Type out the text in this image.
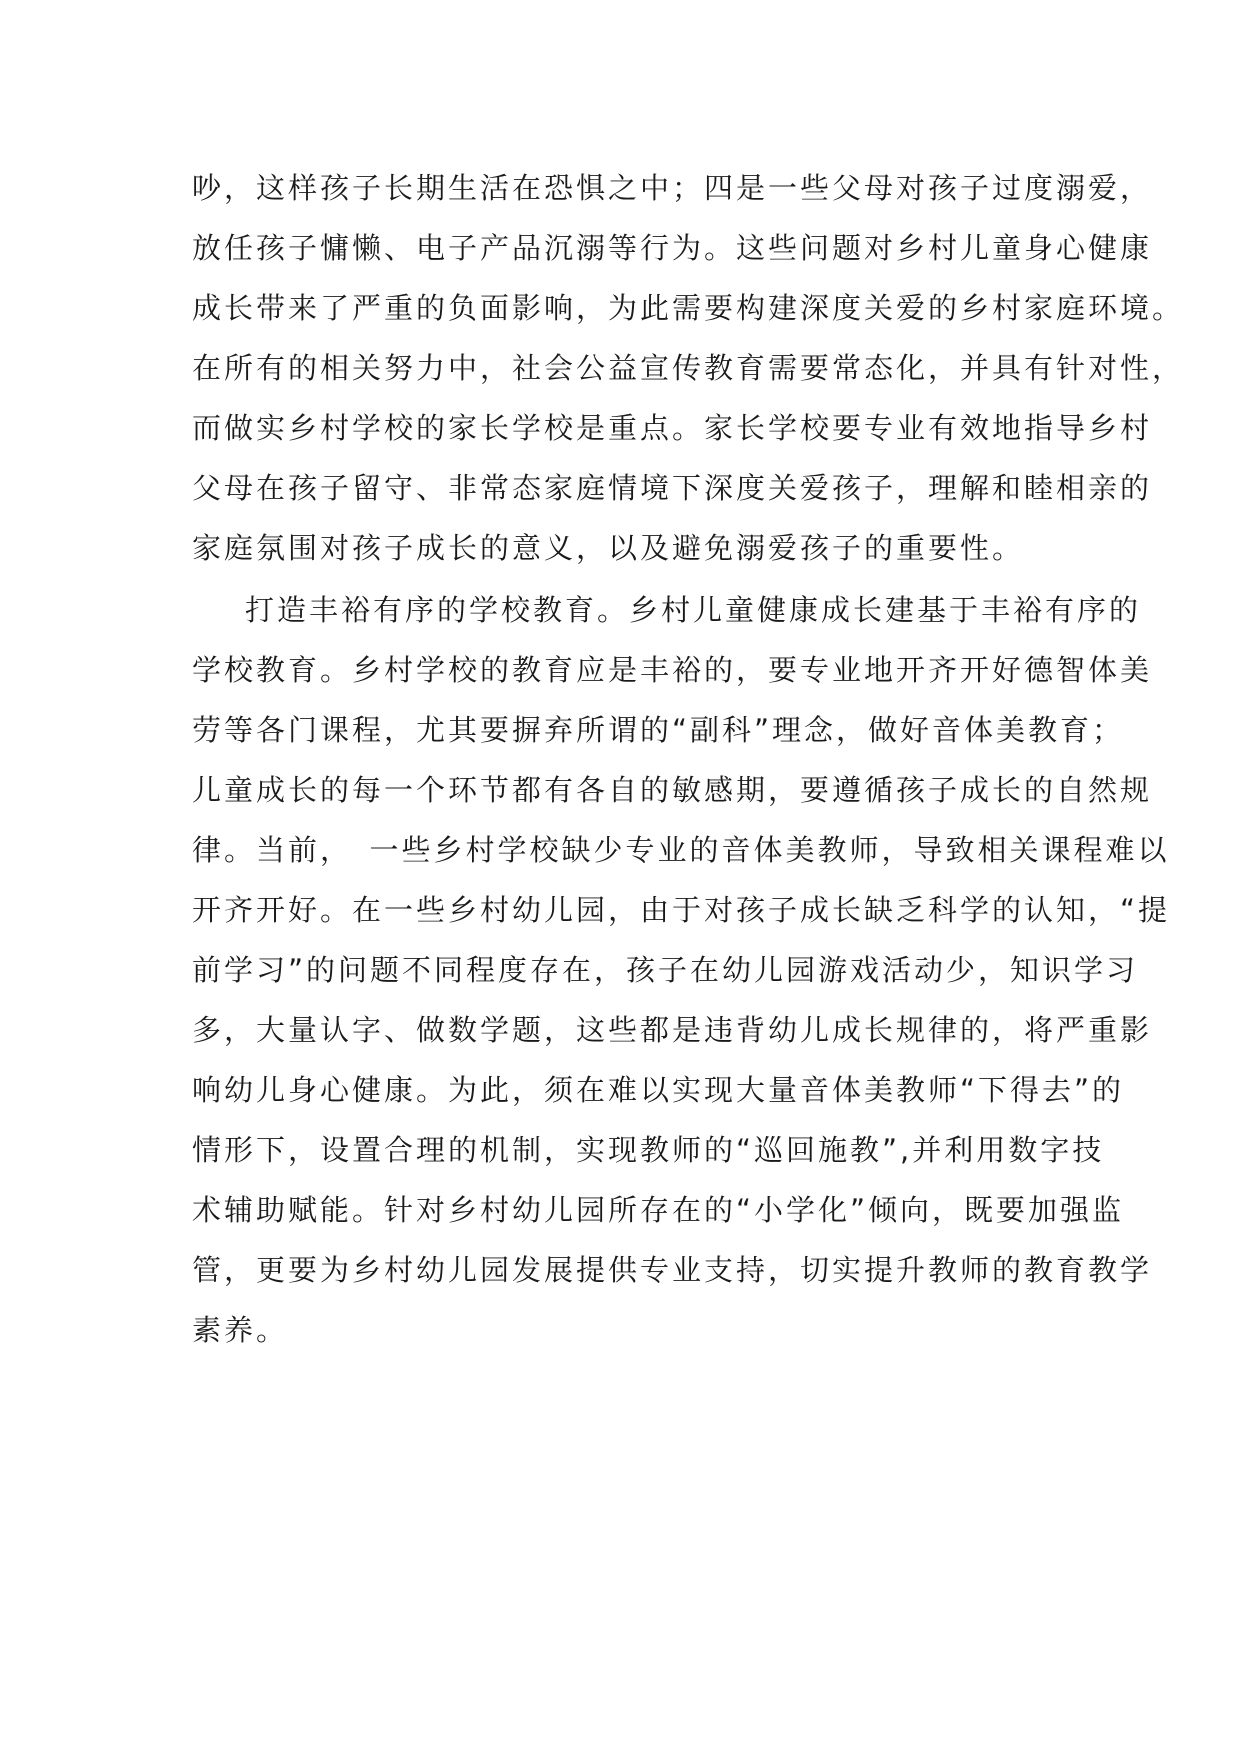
吵，这样孩子长期生活在恐惧之中；四是一些父母对孩子过度溺爱，
放任孩子慵懒、电子产品沉溺等行为。这些问题对乡村儿童身心健康
成长带来了严重的负面影响，为此需要构建深度关爱的乡村家庭环境。
在所有的相关努力中，社会公益宣传教育需要常态化，并具有针对性，
而做实乡村学校的家长学校是重点。家长学校要专业有效地指导乡村
父母在孩子留守、非常态家庭情境下深度关爱孩子，理解和睦相亲的
家庭氛围对孩子成长的意义，以及避免溺爱孩子的重要性。
打造丰裕有序的学校教育。乡村儿童健康成长建基于丰裕有序的
学校教育。乡村学校的教育应是丰裕的，要专业地开齐开好德智体美
劳等各门课程，尤其要摒弃所谓的“副科”理念，做好音体美教育；
儿童成长的每一个环节都有各自的敏感期，要遵循孩子成长的自然规
律。当前，　一些乡村学校缺少专业的音体美教师，导致相关课程难以
开齐开好。在一些乡村幼儿园，由于对孩子成长缺乏科学的认知，“提
前学习”的问题不同程度存在，孩子在幼儿园游戏活动少，知识学习
多，大量认字、做数学题，这些都是违背幼儿成长规律的，将严重影
响幼儿身心健康。为此，须在难以实现大量音体美教师“下得去”的
情形下，设置合理的机制，实现教师的“巡回施教”,并利用数字技
术辅助赋能。针对乡村幼儿园所存在的“小学化”倾向，既要加强监
管，更要为乡村幼儿园发展提供专业支持，切实提升教师的教育教学
素养。
